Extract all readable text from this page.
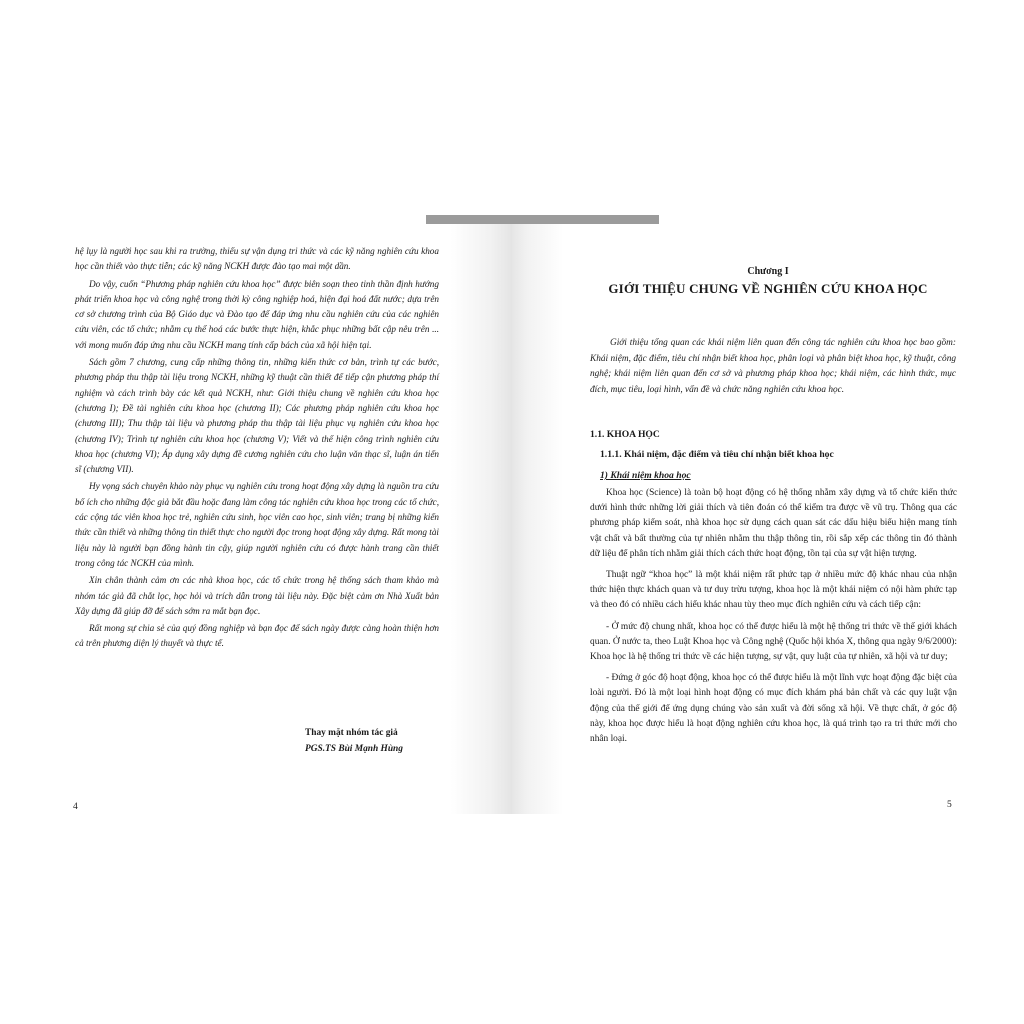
hệ lụy là người học sau khi ra trường, thiếu sự vận dụng tri thức và các kỹ năng nghiên cứu khoa học cần thiết vào thực tiễn; các kỹ năng NCKH được đào tạo mai một dần.

Do vậy, cuốn “Phương pháp nghiên cứu khoa học” được biên soạn theo tinh thần định hướng phát triển khoa học và công nghệ trong thời kỳ công nghiệp hoá, hiện đại hoá đất nước; dựa trên cơ sở chương trình của Bộ Giáo dục và Đào tạo để đáp ứng nhu cầu nghiên cứu của các nghiên cứu viên, các tổ chức; nhằm cụ thể hoá các bước thực hiện, khắc phục những bất cập nêu trên ... với mong muốn đáp ứng nhu cầu NCKH mang tính cấp bách của xã hội hiện tại.

Sách gồm 7 chương, cung cấp những thông tin, những kiến thức cơ bản, trình tự các bước, phương pháp thu thập tài liệu trong NCKH, những kỹ thuật cần thiết để tiếp cận phương pháp thí nghiệm và cách trình bày các kết quả NCKH, như: Giới thiệu chung về nghiên cứu khoa học (chương I); Đề tài nghiên cứu khoa học (chương II); Các phương pháp nghiên cứu khoa học (chương III); Thu thập tài liệu và phương pháp thu thập tài liệu phục vụ nghiên cứu khoa học (chương IV); Trình tự nghiên cứu khoa học (chương V); Viết và thể hiện công trình nghiên cứu khoa học (chương VI); Áp dụng xây dựng đề cương nghiên cứu cho luận văn thạc sĩ, luận án tiến sĩ (chương VII).

Hy vọng sách chuyên khảo này phục vụ nghiên cứu trong hoạt động xây dựng là nguồn tra cứu bổ ích cho những độc giả bắt đầu hoặc đang làm công tác nghiên cứu khoa học trong các tổ chức, các cộng tác viên khoa học trẻ, nghiên cứu sinh, học viên cao học, sinh viên; trang bị những kiến thức cần thiết và những thông tin thiết thực cho người đọc trong hoạt động xây dựng. Rất mong tài liệu này là người bạn đồng hành tin cậy, giúp người nghiên cứu có được hành trang cần thiết trong công tác NCKH của mình.

Xin chân thành cảm ơn các nhà khoa học, các tổ chức trong hệ thống sách tham khảo mà nhóm tác giả đã chắt lọc, học hỏi và trích dẫn trong tài liệu này. Đặc biệt cảm ơn Nhà Xuất bản Xây dựng đã giúp đỡ để sách sớm ra mắt bạn đọc.

Rất mong sự chia sẻ của quý đồng nghiệp và bạn đọc để sách ngày được càng hoàn thiện hơn cả trên phương diện lý thuyết và thực tế.

Thay mặt nhóm tác giả
PGS.TS Bùi Mạnh Hùng
4	5
Chương I
GIỚI THIỆU CHUNG VỀ NGHIÊN CỨU KHOA HỌC

Giới thiệu tổng quan các khái niệm liên quan đến công tác nghiên cứu khoa học bao gồm: Khái niệm, đặc điểm, tiêu chí nhận biết khoa học, phân loại và phân biệt khoa học, kỹ thuật, công nghệ; khái niệm liên quan đến cơ sở và phương pháp khoa học; khái niệm, các hình thức, mục đích, mục tiêu, loại hình, vấn đề và chức năng nghiên cứu khoa học.

1.1. KHOA HỌC
1.1.1. Khái niệm, đặc điểm và tiêu chí nhận biết khoa học
1) Khái niệm khoa học

Khoa học (Science) là toàn bộ hoạt động có hệ thống nhằm xây dựng và tổ chức kiến thức dưới hình thức những lời giải thích và tiên đoán có thể kiểm tra được về vũ trụ. Thông qua các phương pháp kiểm soát, nhà khoa học sử dụng cách quan sát các dấu hiệu biểu hiện mang tính vật chất và bất thường của tự nhiên nhằm thu thập thông tin, rồi sắp xếp các thông tin đó thành dữ liệu để phân tích nhằm giải thích cách thức hoạt động, tồn tại của sự vật hiện tượng.

Thuật ngữ “khoa học” là một khái niệm rất phức tạp ở nhiều mức độ khác nhau của nhận thức hiện thực khách quan và tư duy trừu tượng, khoa học là một khái niệm có nội hàm phức tạp và theo đó có nhiều cách hiểu khác nhau tùy theo mục đích nghiên cứu và cách tiếp cận:

- Ở mức độ chung nhất, khoa học có thể được hiểu là một hệ thống tri thức về thế giới khách quan. Ở nước ta, theo Luật Khoa học và Công nghệ (Quốc hội khóa X, thông qua ngày 9/6/2000): Khoa học là hệ thống tri thức về các hiện tượng, sự vật, quy luật của tự nhiên, xã hội và tư duy;

- Đứng ở góc độ hoạt động, khoa học có thể được hiểu là một lĩnh vực hoạt động đặc biệt của loài người. Đó là một loại hình hoạt động có mục đích khám phá bản chất và các quy luật vận động của thế giới để ứng dụng chúng vào sản xuất và đời sống xã hội. Về thực chất, ở góc độ này, khoa học được hiểu là hoạt động nghiên cứu khoa học, là quá trình tạo ra tri thức mới cho nhân loại.
